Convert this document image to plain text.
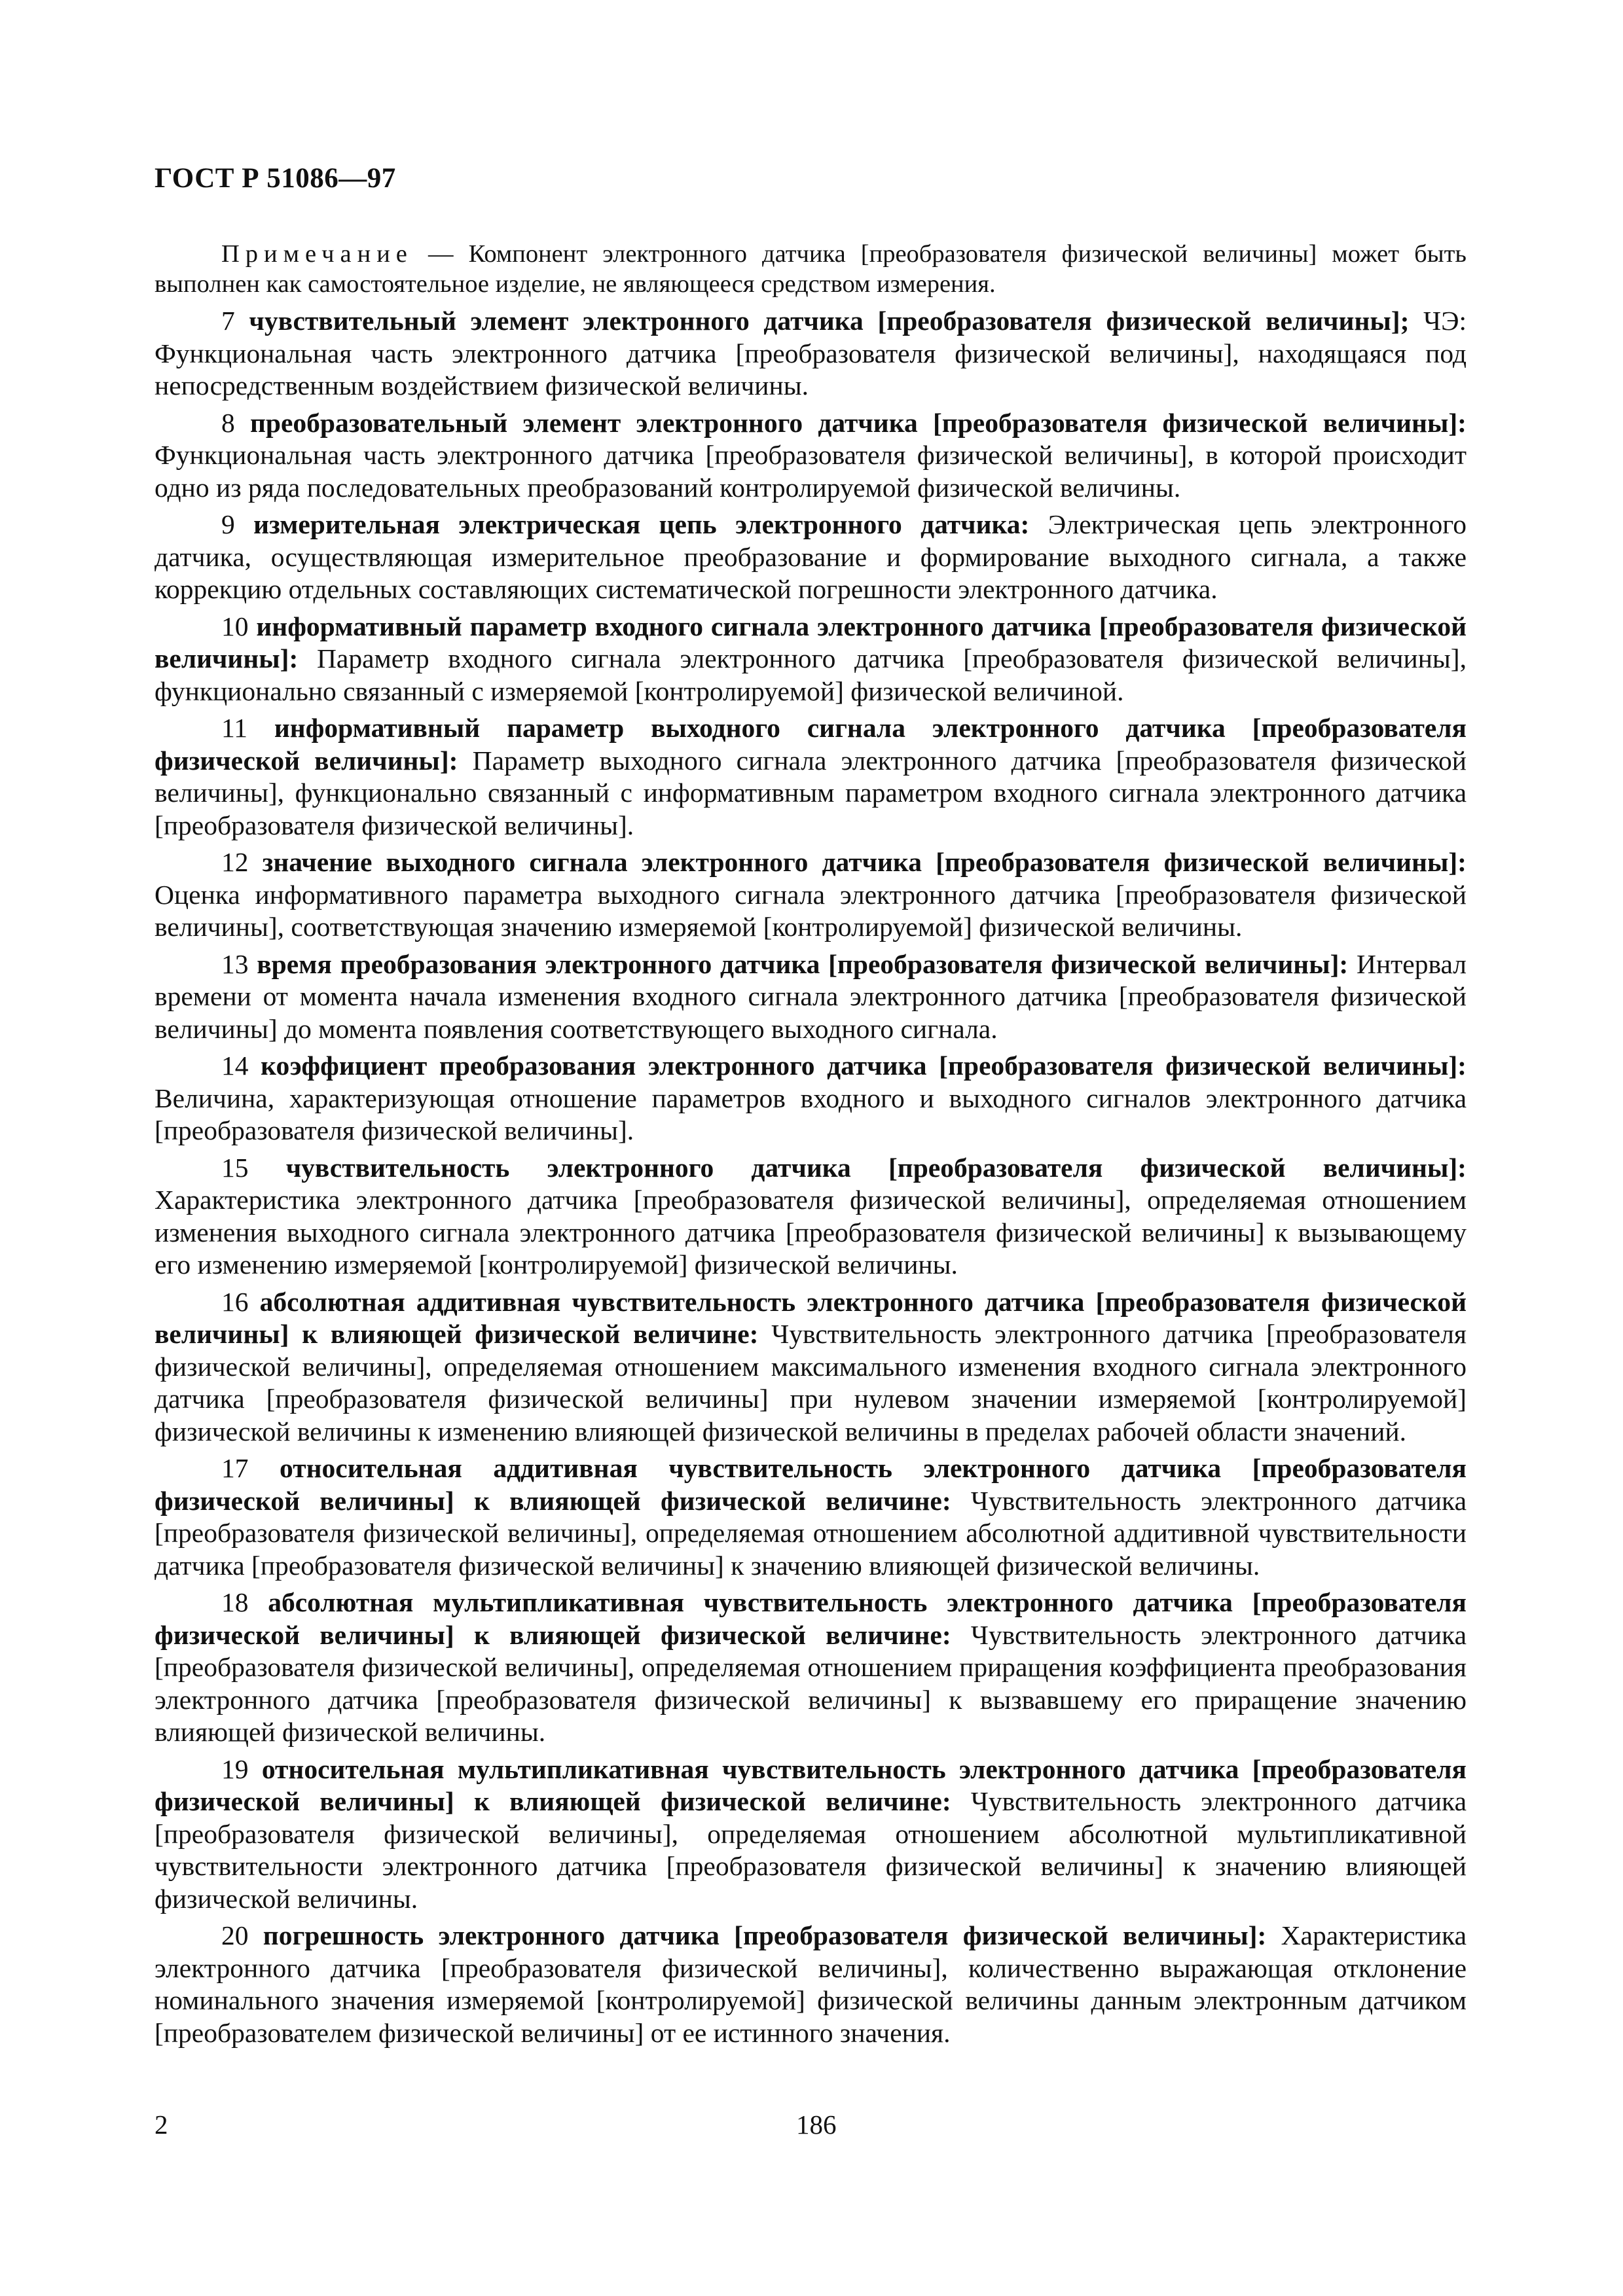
ГОСТ Р 51086—97
Примечание — Компонент электронного датчика [преобразователя физической величины] может быть выполнен как самостоятельное изделие, не являющееся средством измерения.

7 чувствительный элемент электронного датчика [преобразователя физической величины]; ЧЭ: Функциональная часть электронного датчика [преобразователя физической величины], находящаяся под непосредственным воздействием физической величины.

8 преобразовательный элемент электронного датчика [преобразователя физической величины]: Функциональная часть электронного датчика [преобразователя физической величины], в которой происходит одно из ряда последовательных преобразований контролируемой физической величины.

9 измерительная электрическая цепь электронного датчика: Электрическая цепь электронного датчика, осуществляющая измерительное преобразование и формирование выходного сигнала, а также коррекцию отдельных составляющих систематической погрешности электронного датчика.

10 информативный параметр входного сигнала электронного датчика [преобразователя физической величины]: Параметр входного сигнала электронного датчика [преобразователя физической величины], функционально связанный с измеряемой [контролируемой] физической величиной.

11 информативный параметр выходного сигнала электронного датчика [преобразователя физической величины]: Параметр выходного сигнала электронного датчика [преобразователя физической величины], функционально связанный с информативным параметром входного сигнала электронного датчика [преобразователя физической величины].

12 значение выходного сигнала электронного датчика [преобразователя физической величины]: Оценка информативного параметра выходного сигнала электронного датчика [преобразователя физической величины], соответствующая значению измеряемой [контролируемой] физической величины.

13 время преобразования электронного датчика [преобразователя физической величины]: Интервал времени от момента начала изменения входного сигнала электронного датчика [преобразователя физической величины] до момента появления соответствующего выходного сигнала.

14 коэффициент преобразования электронного датчика [преобразователя физической величины]: Величина, характеризующая отношение параметров входного и выходного сигналов электронного датчика [преобразователя физической величины].

15 чувствительность электронного датчика [преобразователя физической величины]: Характеристика электронного датчика [преобразователя физической величины], определяемая отношением изменения выходного сигнала электронного датчика [преобразователя физической величины] к вызывающему его изменению измеряемой [контролируемой] физической величины.

16 абсолютная аддитивная чувствительность электронного датчика [преобразователя физической величины] к влияющей физической величине: Чувствительность электронного датчика [преобразователя физической величины], определяемая отношением максимального изменения входного сигнала электронного датчика [преобразователя физической величины] при нулевом значении измеряемой [контролируемой] физической величины к изменению влияющей физической величины в пределах рабочей области значений.

17 относительная аддитивная чувствительность электронного датчика [преобразователя физической величины] к влияющей физической величине: Чувствительность электронного датчика [преобразователя физической величины], определяемая отношением абсолютной аддитивной чувствительности датчика [преобразователя физической величины] к значению влияющей физической величины.

18 абсолютная мультипликативная чувствительность электронного датчика [преобразователя физической величины] к влияющей физической величине: Чувствительность электронного датчика [преобразователя физической величины], определяемая отношением приращения коэффициента преобразования электронного датчика [преобразователя физической величины] к вызвавшему его приращение значению влияющей физической величины.

19 относительная мультипликативная чувствительность электронного датчика [преобразователя физической величины] к влияющей физической величине: Чувствительность электронного датчика [преобразователя физической величины], определяемая отношением абсолютной мультипликативной чувствительности электронного датчика [преобразователя физической величины] к значению влияющей физической величины.

20 погрешность электронного датчика [преобразователя физической величины]: Характеристика электронного датчика [преобразователя физической величины], количественно выражающая отклонение номинального значения измеряемой [контролируемой] физической величины данным электронным датчиком [преобразователем физической величины] от ее истинного значения.

2	186
